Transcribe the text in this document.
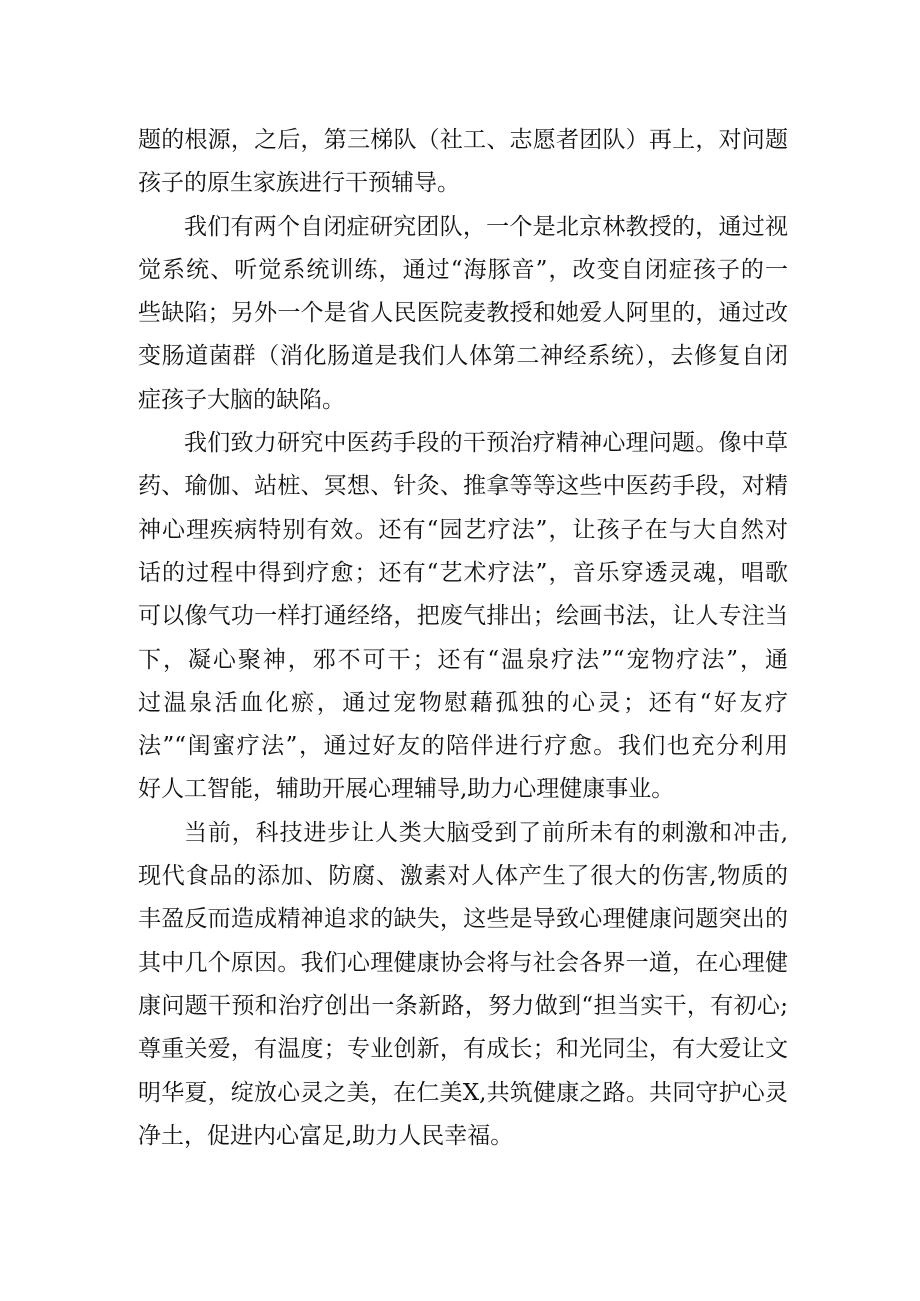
题的根源，之后，第三梯队（社工、志愿者团队）再上，对问题
孩子的原生家族进行干预辅导。
我们有两个自闭症研究团队，一个是北京林教授的，通过视
觉系统、听觉系统训练，通过“海豚音”，改变自闭症孩子的一
些缺陷；另外一个是省人民医院麦教授和她爱人阿里的，通过改
变肠道菌群（消化肠道是我们人体第二神经系统），去修复自闭
症孩子大脑的缺陷。
我们致力研究中医药手段的干预治疗精神心理问题。像中草
药、瑜伽、站桩、冥想、针灸、推拿等等这些中医药手段，对精
神心理疾病特别有效。还有“园艺疗法”，让孩子在与大自然对
话的过程中得到疗愈；还有“艺术疗法”，音乐穿透灵魂，唱歌
可以像气功一样打通经络，把废气排出；绘画书法，让人专注当
下，凝心聚神，邪不可干；还有“温泉疗法”“宠物疗法”，通
过温泉活血化瘀，通过宠物慰藉孤独的心灵；还有“好友疗
法”“闺蜜疗法”，通过好友的陪伴进行疗愈。我们也充分利用
好人工智能，辅助开展心理辅导,助力心理健康事业。
当前，科技进步让人类大脑受到了前所未有的刺激和冲击,
现代食品的添加、防腐、激素对人体产生了很大的伤害,物质的
丰盈反而造成精神追求的缺失，这些是导致心理健康问题突出的
其中几个原因。我们心理健康协会将与社会各界一道，在心理健
康问题干预和治疗创出一条新路，努力做到“担当实干，有初心;
尊重关爱，有温度；专业创新，有成长；和光同尘，有大爱让文
明华夏，绽放心灵之美，在仁美X,共筑健康之路。共同守护心灵
净土，促进内心富足,助力人民幸福。
